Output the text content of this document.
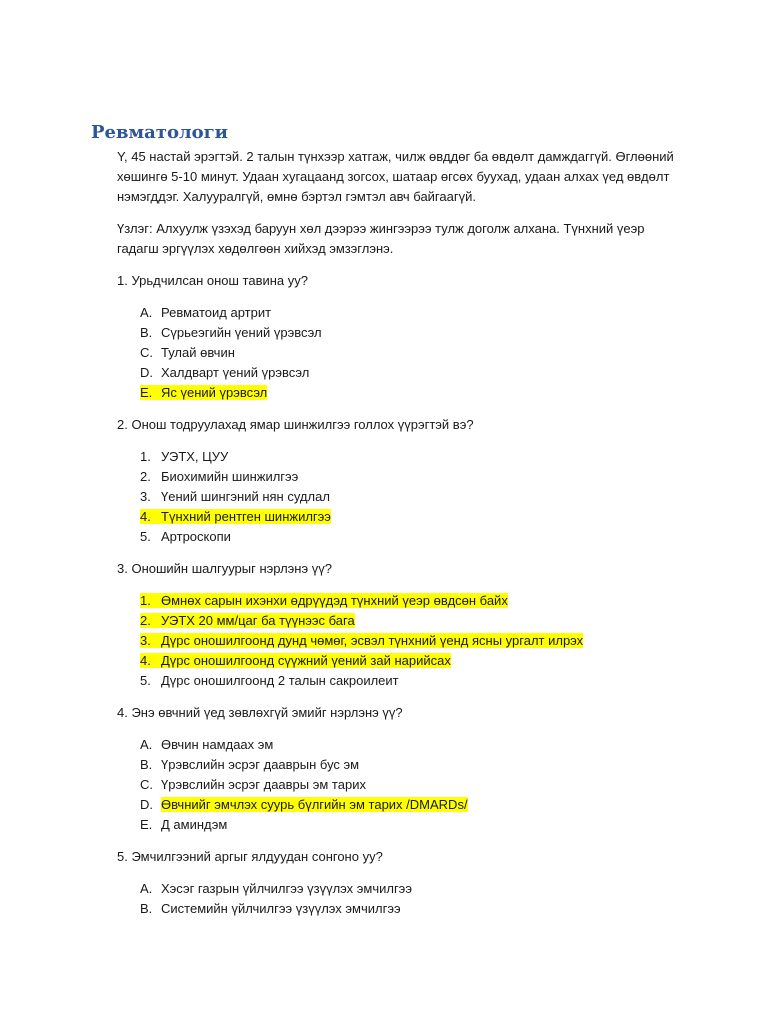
Ревматологи

Y, 45 настай эрэгтэй. 2 талын түнхээр хатгаж, чилж өвддөг ба өвдөлт дамждаггүй. Өглөөний хөшингө 5-10 минут. Удаан хугацаанд зогсох, шатаар өгсөх буухад, удаан алхах үед өвдөлт нэмэгддэг. Халууралгүй, өмнө бэртэл гэмтэл авч байгаагүй.

Үзлэг: Алхуулж үзэхэд баруун хөл дээрээ жингээрээ тулж доголж алхана. Түнхний үеэр гадагш эргүүлэх хөдөлгөөн хийхэд эмзэглэнэ.

1. Урьдчилсан онош тавина уу?

A. Ревматоид артрит
B. Сүрьеэгийн үений үрэвсэл
C. Тулай өвчин
D. Халдварт үений үрэвсэл
E. Яс үений үрэвсэл

2. Онош тодруулахад ямар шинжилгээ голлох үүрэгтэй вэ?

1. УЭТХ, ЦУУ
2. Биохимийн шинжилгээ
3. Үений шингэний нян судлал
4. Түнхний рентген шинжилгээ
5. Артроскопи

3. Оношийн шалгуурыг нэрлэнэ үү?

1. Өмнөх сарын ихэнхи өдрүүдэд түнхний үеэр өвдсөн байх
2. УЭТХ 20 мм/цаг ба түүнээс бага
3. Дүрс оношилгоонд дунд чөмөг, эсвэл түнхний үенд ясны ургалт илрэх
4. Дүрс оношилгоонд сүүжний үений зай нарийсах
5. Дүрс оношилгоонд 2 талын сакроилеит

4. Энэ өвчний үед зөвлөхгүй эмийг нэрлэнэ үү?

A. Өвчин намдаах эм
B. Үрэвслийн эсрэг дааврын бус эм
C. Үрэвслийн эсрэг даавры эм тарих
D. Өвчнийг эмчлэх суурь бүлгийн эм тарих /DMARDs/
E. Д аминдэм

5. Эмчилгээний аргыг ялдуудан сонгоно уу?

A. Хэсэг газрын үйлчилгээ үзүүлэх эмчилгээ
B. Системийн үйлчилгээ үзүүлэх эмчилгээ
